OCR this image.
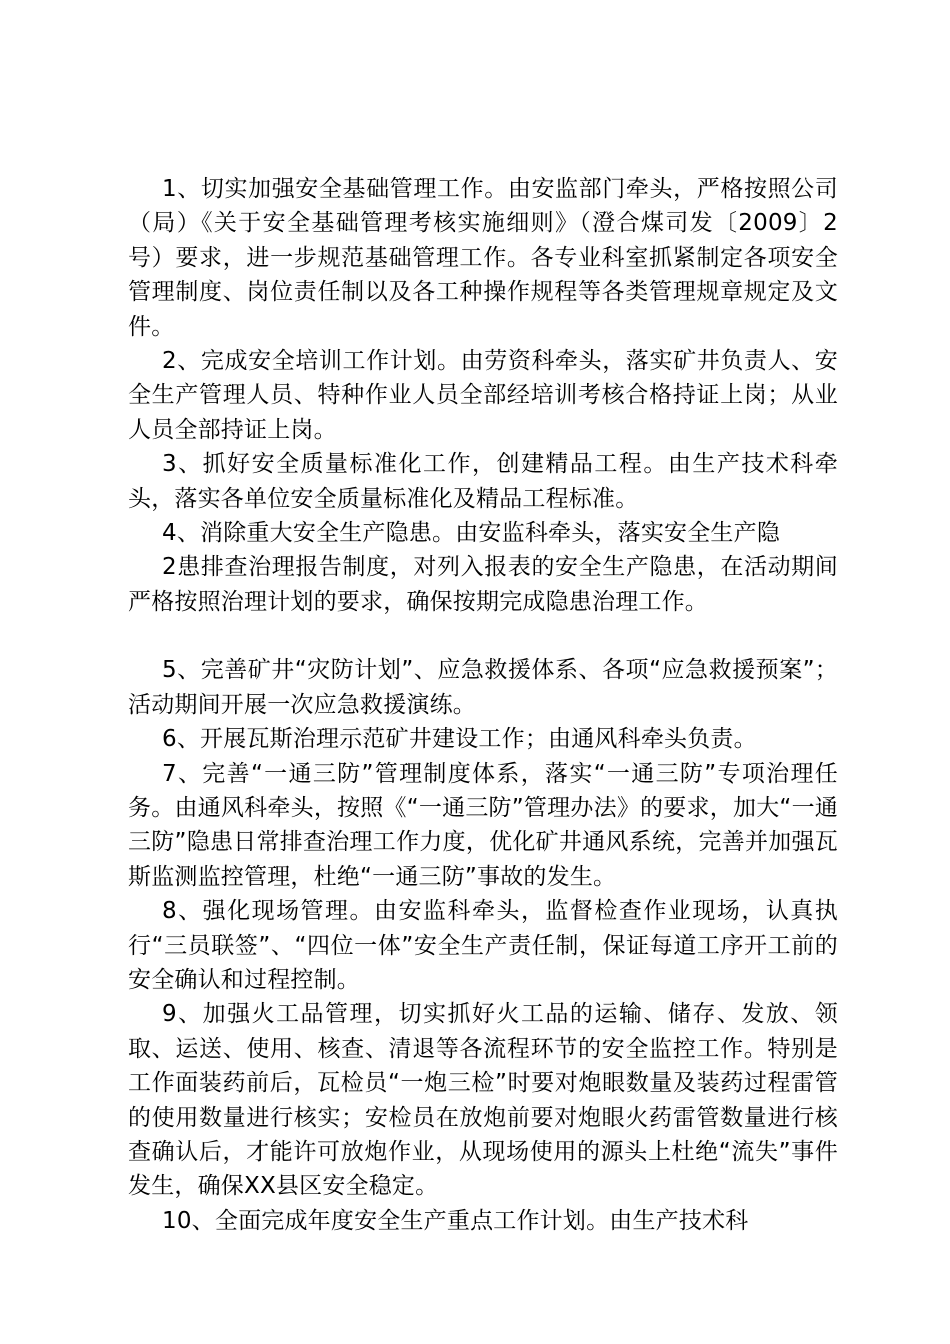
1、切实加强安全基础管理工作。由安监部门牵头，严格按照公司（局）《关于安全基础管理考核实施细则》（澄合煤司发〔2009〕2号）要求，进一步规范基础管理工作。各专业科室抓紧制定各项安全管理制度、岗位责任制以及各工种操作规程等各类管理规章规定及文件。

2、完成安全培训工作计划。由劳资科牵头，落实矿井负责人、安全生产管理人员、特种作业人员全部经培训考核合格持证上岗；从业人员全部持证上岗。

3、抓好安全质量标准化工作，创建精品工程。由生产技术科牵头，落实各单位安全质量标准化及精品工程标准。

4、消除重大安全生产隐患。由安监科牵头，落实安全生产隐

2患排查治理报告制度，对列入报表的安全生产隐患，在活动期间严格按照治理计划的要求，确保按期完成隐患治理工作。

5、完善矿井“灾防计划”、应急救援体系、各项“应急救援预案”；活动期间开展一次应急救援演练。

6、开展瓦斯治理示范矿井建设工作；由通风科牵头负责。

7、完善“一通三防”管理制度体系，落实“一通三防”专项治理任务。由通风科牵头，按照《“一通三防”管理办法》的要求，加大“一通三防”隐患日常排查治理工作力度，优化矿井通风系统，完善并加强瓦斯监测监控管理，杜绝“一通三防”事故的发生。

8、强化现场管理。由安监科牵头，监督检查作业现场，认真执行“三员联签”、“四位一体”安全生产责任制，保证每道工序开工前的安全确认和过程控制。

9、加强火工品管理，切实抓好火工品的运输、储存、发放、领取、运送、使用、核查、清退等各流程环节的安全监控工作。特别是工作面装药前后，瓦检员“一炮三检”时要对炮眼数量及装药过程雷管的使用数量进行核实；安检员在放炮前要对炮眼火药雷管数量进行核查确认后，才能许可放炮作业，从现场使用的源头上杜绝“流失”事件发生，确保XX县区安全稳定。

10、全面完成年度安全生产重点工作计划。由生产技术科
